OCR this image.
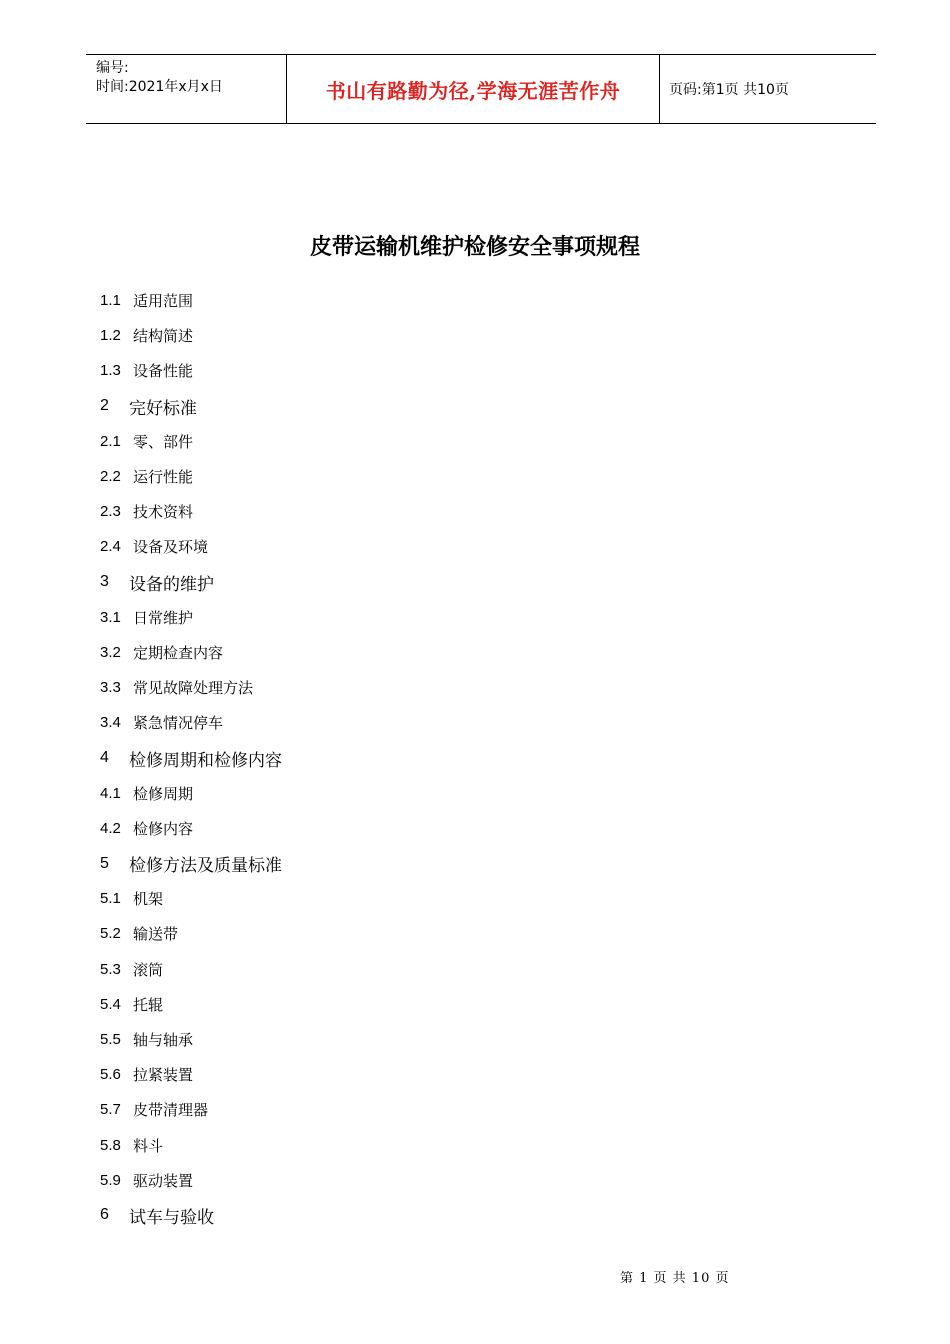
编号:
时间:2021年x月x日	书山有路勤为径,学海无涯苦作舟	页码:第1页 共10页
皮带运输机维护检修安全事项规程
1.1 适用范围
1.2 结构简述
1.3 设备性能
2	完好标准
2.1 零、部件
2.2 运行性能
2.3 技术资料
2.4 设备及环境
3	设备的维护
3.1 日常维护
3.2 定期检查内容
3.3 常见故障处理方法
3.4 紧急情况停车
4	检修周期和检修内容
4.1 检修周期
4.2 检修内容
5	检修方法及质量标准
5.1 机架
5.2 输送带
5.3 滚筒
5.4 托辊
5.5 轴与轴承
5.6 拉紧装置
5.7 皮带清理器
5.8 料斗
5.9 驱动装置
6	试车与验收
第 1 页 共 10 页
